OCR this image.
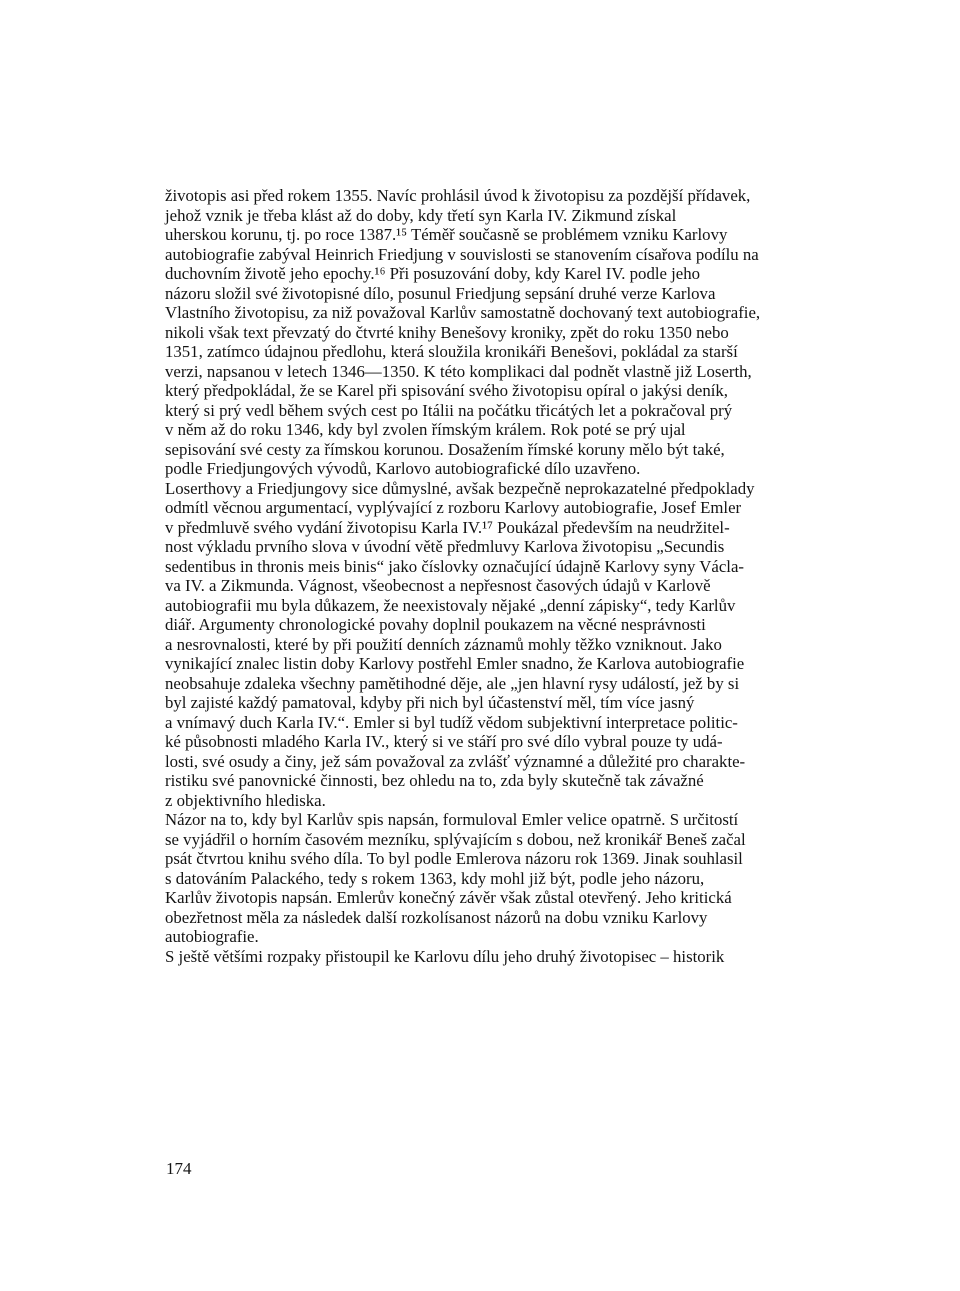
životopis asi před rokem 1355. Navíc prohlásil úvod k životopisu za pozdější přídavek,
jehož vznik je třeba klást až do doby, kdy třetí syn Karla IV. Zikmund získal
uherskou korunu, tj. po roce 1387.¹⁵ Téměř současně se problémem vzniku Karlovy
autobiografie zabýval Heinrich Friedjung v souvislosti se stanovením císařova podílu na
duchovním životě jeho epochy.¹⁶ Při posuzování doby, kdy Karel IV. podle jeho
názoru složil své životopisné dílo, posunul Friedjung sepsání druhé verze Karlova
Vlastního životopisu, za niž považoval Karlův samostatně dochovaný text autobiografie,
nikoli však text převzatý do čtvrté knihy Benešovy kroniky, zpět do roku 1350 nebo
1351, zatímco údajnou předlohu, která sloužila kronikáři Benešovi, pokládal za starší
verzi, napsanou v letech 1346—1350. K této komplikaci dal podnět vlastně již Loserth,
který předpokládal, že se Karel při spisování svého životopisu opíral o jakýsi deník,
který si prý vedl během svých cest po Itálii na počátku třicátých let a pokračoval prý
v něm až do roku 1346, kdy byl zvolen římským králem. Rok poté se prý ujal
sepisování své cesty za římskou korunou. Dosažením římské koruny mělo být také,
podle Friedjungových vývodů, Karlovo autobiografické dílo uzavřeno.
Loserthovy a Friedjungovy sice důmyslné, avšak bezpečně neprokazatelné předpoklady
odmítl věcnou argumentací, vyplývající z rozboru Karlovy autobiografie, Josef Emler
v předmluvě svého vydání životopisu Karla IV.¹⁷ Poukázal především na neudržitel-
nost výkladu prvního slova v úvodní větě předmluvy Karlova životopisu „Secundis
sedentibus in thronis meis binis“ jako číslovky označující údajně Karlovy syny Václa-
va IV. a Zikmunda. Vágnost, všeobecnost a nepřesnost časových údajů v Karlově
autobiografii mu byla důkazem, že neexistovaly nějaké „denní zápisky“, tedy Karlův
diář. Argumenty chronologické povahy doplnil poukazem na věcné nesprávnosti
a nesrovnalosti, které by při použití denních záznamů mohly těžko vzniknout. Jako
vynikající znalec listin doby Karlovy postřehl Emler snadno, že Karlova autobiografie
neobsahuje zdaleka všechny pamětihodné děje, ale „jen hlavní rysy událostí, jež by si
byl zajisté každý pamatoval, kdyby při nich byl účastenství měl, tím více jasný
a vnímavý duch Karla IV.“. Emler si byl tudíž vědom subjektivní interpretace politic-
ké působnosti mladého Karla IV., který si ve stáří pro své dílo vybral pouze ty udá-
losti, své osudy a činy, jež sám považoval za zvlášť významné a důležité pro charakte-
ristiku své panovnické činnosti, bez ohledu na to, zda byly skutečně tak závažné
z objektivního hlediska.
Názor na to, kdy byl Karlův spis napsán, formuloval Emler velice opatrně. S určitostí
se vyjádřil o horním časovém mezníku, splývajícím s dobou, než kronikář Beneš začal
psát čtvrtou knihu svého díla. To byl podle Emlerova názoru rok 1369. Jinak souhlasil
s datováním Palackého, tedy s rokem 1363, kdy mohl již být, podle jeho názoru,
Karlův životopis napsán. Emlerův konečný závěr však zůstal otevřený. Jeho kritická
obezřetnost měla za následek další rozkolísanost názorů na dobu vzniku Karlovy
autobiografie.
S ještě většími rozpaky přistoupil ke Karlovu dílu jeho druhý životopisec – historik
174
